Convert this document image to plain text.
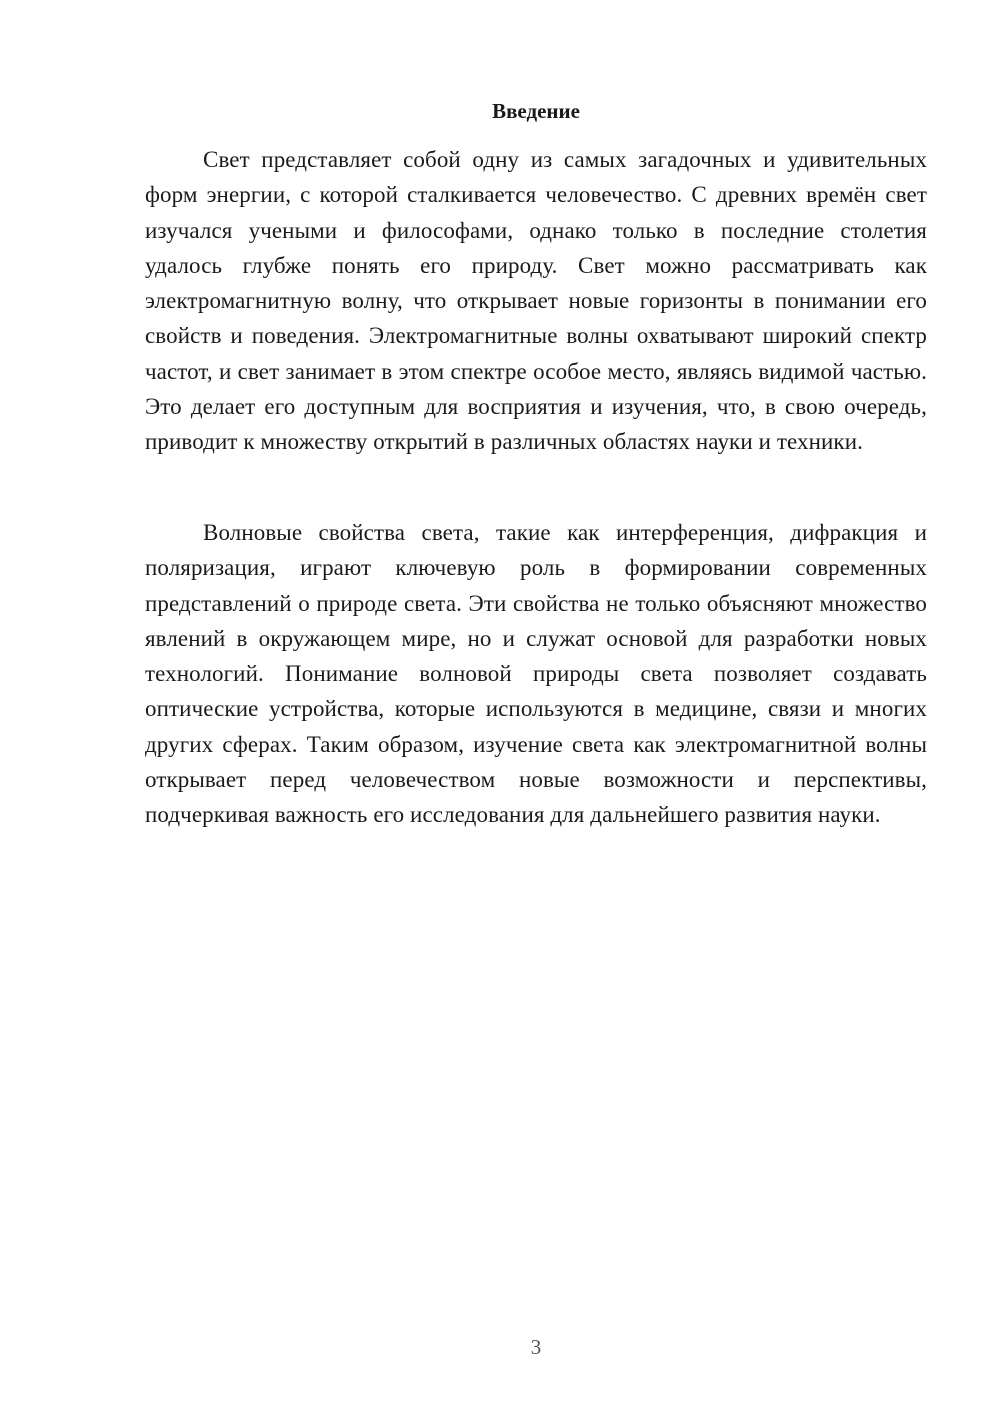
Введение

Свет представляет собой одну из самых загадочных и удивительных форм энергии, с которой сталкивается человечество. С древних времён свет изучался учеными и философами, однако только в последние столетия удалось глубже понять его природу. Свет можно рассматривать как электромагнитную волну, что открывает новые горизонты в понимании его свойств и поведения. Электромагнитные волны охватывают широкий спектр частот, и свет занимает в этом спектре особое место, являясь видимой частью. Это делает его доступным для восприятия и изучения, что, в свою очередь, приводит к множеству открытий в различных областях науки и техники.

Волновые свойства света, такие как интерференция, дифракция и поляризация, играют ключевую роль в формировании современных представлений о природе света. Эти свойства не только объясняют множество явлений в окружающем мире, но и служат основой для разработки новых технологий. Понимание волновой природы света позволяет создавать оптические устройства, которые используются в медицине, связи и многих других сферах. Таким образом, изучение света как электромагнитной волны открывает перед человечеством новые возможности и перспективы, подчеркивая важность его исследования для дальнейшего развития науки.

3
